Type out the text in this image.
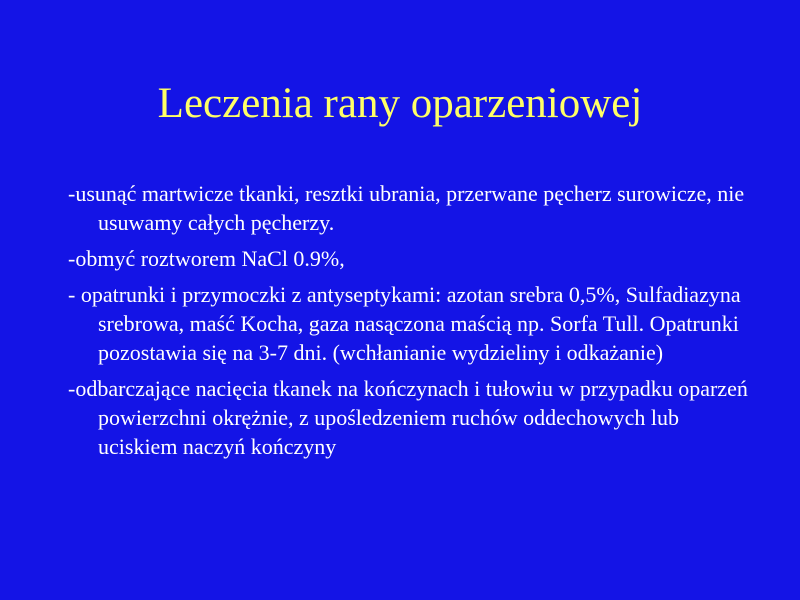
Leczenia rany oparzeniowej
-usunąć martwicze tkanki, resztki ubrania, przerwane pęcherz surowicze, nie usuwamy całych pęcherzy.
-obmyć roztworem NaCl 0.9%,
- opatrunki i przymoczki z antyseptykami: azotan srebra 0,5%, Sulfadiazyna srebrowa, maść Kocha, gaza nasączona maścią np. Sorfa Tull. Opatrunki pozostawia się na 3-7 dni. (wchłanianie wydzieliny i odkażanie)
-odbarczające nacięcia tkanek na kończynach i tułowiu w przypadku oparzeń powierzchni okrężnie, z upośledzeniem ruchów oddechowych lub uciskiem naczyń kończyny
